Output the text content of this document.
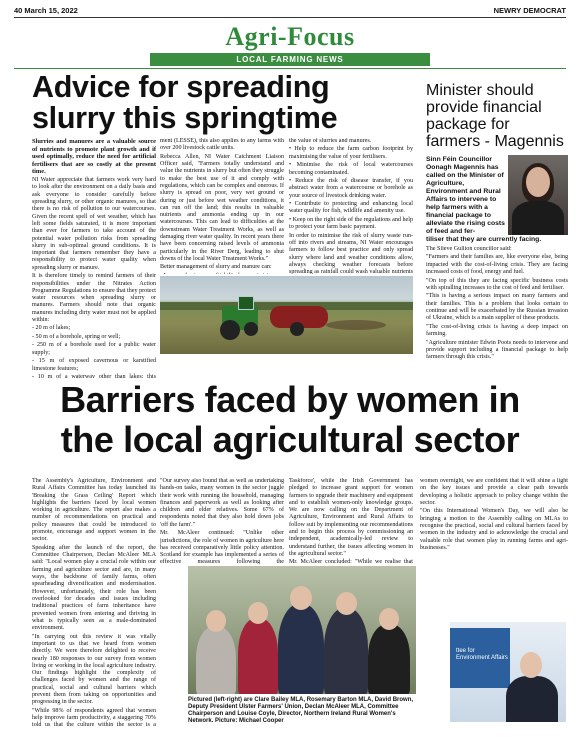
40 March 15, 2022	NEWRY DEMOCRAT
Agri-Focus
LOCAL FARMING NEWS
Advice for spreading slurry this springtime

Slurries and manures are a valuable source of nutrients to promote plant growth and if used optimally, reduce the need for artificial fertilisers that are so costly at the present time.

NI Water appreciate that farmers work very hard to look after the environment on a daily basis and ask everyone to consider carefully before spreading slurry, or other organic manures, so that there is no risk of pollution to our watercourses. Given the recent spell of wet weather, which has left some fields saturated, it is more important than ever for farmers to take account of the potential water pollution risks from spreading slurry in sub-optimal ground conditions. It is important that farmers remember they have a responsibility to protect water quality when spreading slurry or manure.

It is therefore timely to remind farmers of their responsibilities under the Nitrates Action Programme Regulations to ensure that they protect water resources when spreading slurry or manures. Farmers should note that organic manures including dirty water must not be applied within:

- 20 m of lakes;

- 50 m of a borehole, spring or well;

- 250 m of a borehole used for a public water supply;

- 15 m of exposed cavernous or karstified limestone features;

- 10 m of a waterway other than lakes; this

ment (LESSE), this also applies to any farms with over 200 livestock cattle units.

Rebecca Allen, NI Water Catchment Liaison Officer said, "Farmers totally understand and value the nutrients in slurry but often they struggle to make the best use of it and comply with regulations, which can be complex and onerous. If slurry is spread on poor, very wet ground or during or just before wet weather conditions, it can run off the land; this results in valuable nutrients and ammonia ending up in our watercourses. This can lead to difficulties at the downstream Water Treatment Works, as well as damaging river water quality. In recent years there have been concerning raised levels of ammonia particularly in the River Derg, leading to shut downs of the local Water Treatment Works."

Better management of slurry and manure can:

the value of slurries and manures.

• Help to reduce the farm carbon footprint by maximising the value of your fertilisers.

• Minimise the risk of local watercourses becoming contaminated.

• Reduce the risk of disease transfer, if you abstract water from a watercourse or borehole as your source of livestock drinking water.

• Contribute to protecting and enhancing local water quality for fish, wildlife and amenity use.

• Keep on the right side of the regulations and help to protect your farm basic payment.

In order to minimise the risk of slurry waste run-off into rivers and streams, NI Water encourages farmers to follow best practice and only spread slurry where land and weather conditions allow, always checking weather forecasts before spreading as rainfall could wash valuable nutrients

Minister should provide financial package for farmers - Magennis
Sinn Féin Councillor Oonagh Magennis has called on the Minister of Agriculture, Environment and Rural Affairs to intervene to help farmers with a financial package to alleviate the rising costs of feed and fer-
tiliser that they are currently facing.

The Slieve Gullion councillor said:

"Farmers and their families are, like everyone else, being impacted with the cost-of-living crisis. They are facing increased costs of food, energy and fuel.

"On top of this they are facing specific business costs with spiralling increases to the cost of feed and fertiliser.

"This is having a serious impact on many farmers and their families. This is a problem that looks certain to continue and will be exacerbated by the Russian invasion of Ukraine, which is a main supplier of these products.

"The cost-of-living crisis is having a deep impact on farming.

"Agriculture minister Edwin Poots needs to intervene and provide support including a financial package to help farmers through this crisis."

Barriers faced by women in the local agricultural sector

The Assembly's Agriculture, Environment and Rural Affairs Committee has today launched its 'Breaking the Grass Ceiling' Report which highlights the barriers faced by local women working in agriculture. The report also makes a number of recommendations on practical and policy measures that could be introduced to promote, encourage and support women in the sector.

Speaking after the launch of the report, the Committee Chairperson, Declan McAleer MLA said: "Local women play a crucial role within our farming and agriculture sector and are, in many ways, the backbone of family farms, often spearheading diversification and modernisation. However, unfortunately, their role has been overlooked for decades and issues including traditional practices of farm inheritance have prevented women from entering and thriving in what is typically seen as a male-dominated environment.

"In carrying out this review it was vitally important to us that we heard from women directly. We were therefore delighted to receive nearly 180 responses to our survey from women living or working in the local agriculture industry. Our findings highlight the complexity of challenges faced by women and the range of practical, social and cultural barriers which prevent them from taking on opportunities and progressing in the sector.

"While 98% of respondents agreed that women help improve farm productivity, a staggering 70% told us that the culture within the sector is a

"Our survey also found that as well as undertaking hands-on tasks, many women in the sector juggle their work with running the household, managing finances and paperwork as well as looking after children and elder relatives. Some 67% of respondents noted that they also hold down jobs 'off the farm'."

Mr. McAleer continued: "Unlike other jurisdictions, the role of women in agriculture here has received comparatively little policy attention. Scotland for example has implemented a series of effective measures following the

Taskforce', while the Irish Government has pledged to increase grant support for women farmers to upgrade their machinery and equipment and to establish women-only knowledge groups. We are now calling on the Department of Agriculture, Environment and Rural Affairs to follow suit by implementing our recommendations and to begin this process by commissioning an independent, academically-led review to understand further, the issues affecting women in the agricultural sector."

Mr. McAleer concluded: "While we realise that

women overnight, we are confident that it will shine a light on the key issues and provide a clear path towards developing a holistic approach to policy change within the sector.

"On this International Women's Day, we will also be bringing a motion to the Assembly calling on MLAs to recognise the practical, social and cultural barriers faced by women in the industry and to acknowledge the crucial and valuable role that women play in running farms and agri-businesses."

Pictured (left-right) are Clare Bailey MLA, Rosemary Barton MLA, David Brown, Deputy President Ulster Farmers' Union, Declan McAleer MLA, Committee Chairperson and Louise Coyle, Director, Northern Ireland Rural Women's Network. Picture: Michael Cooper
ttee for Environment Affairs
